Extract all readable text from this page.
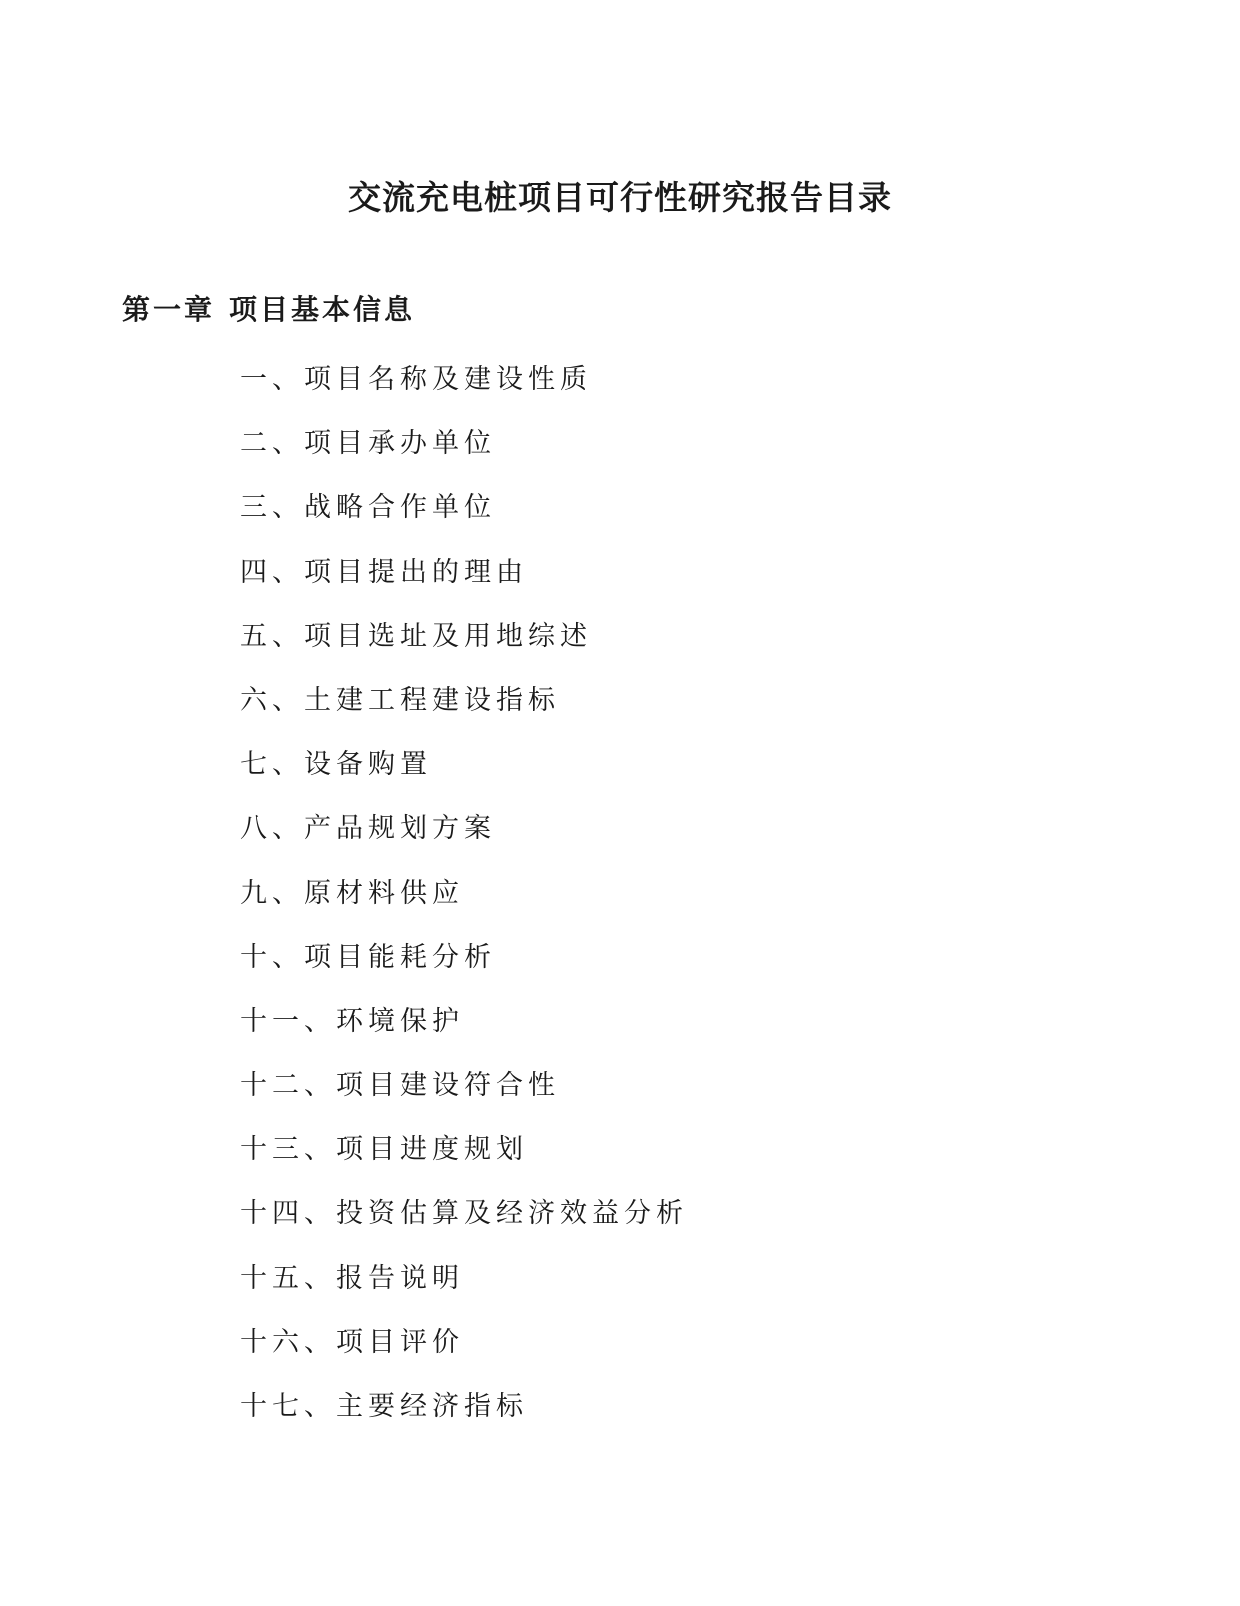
交流充电桩项目可行性研究报告目录
第一章 项目基本信息
一、项目名称及建设性质
二、项目承办单位
三、战略合作单位
四、项目提出的理由
五、项目选址及用地综述
六、土建工程建设指标
七、设备购置
八、产品规划方案
九、原材料供应
十、项目能耗分析
十一、环境保护
十二、项目建设符合性
十三、项目进度规划
十四、投资估算及经济效益分析
十五、报告说明
十六、项目评价
十七、主要经济指标
